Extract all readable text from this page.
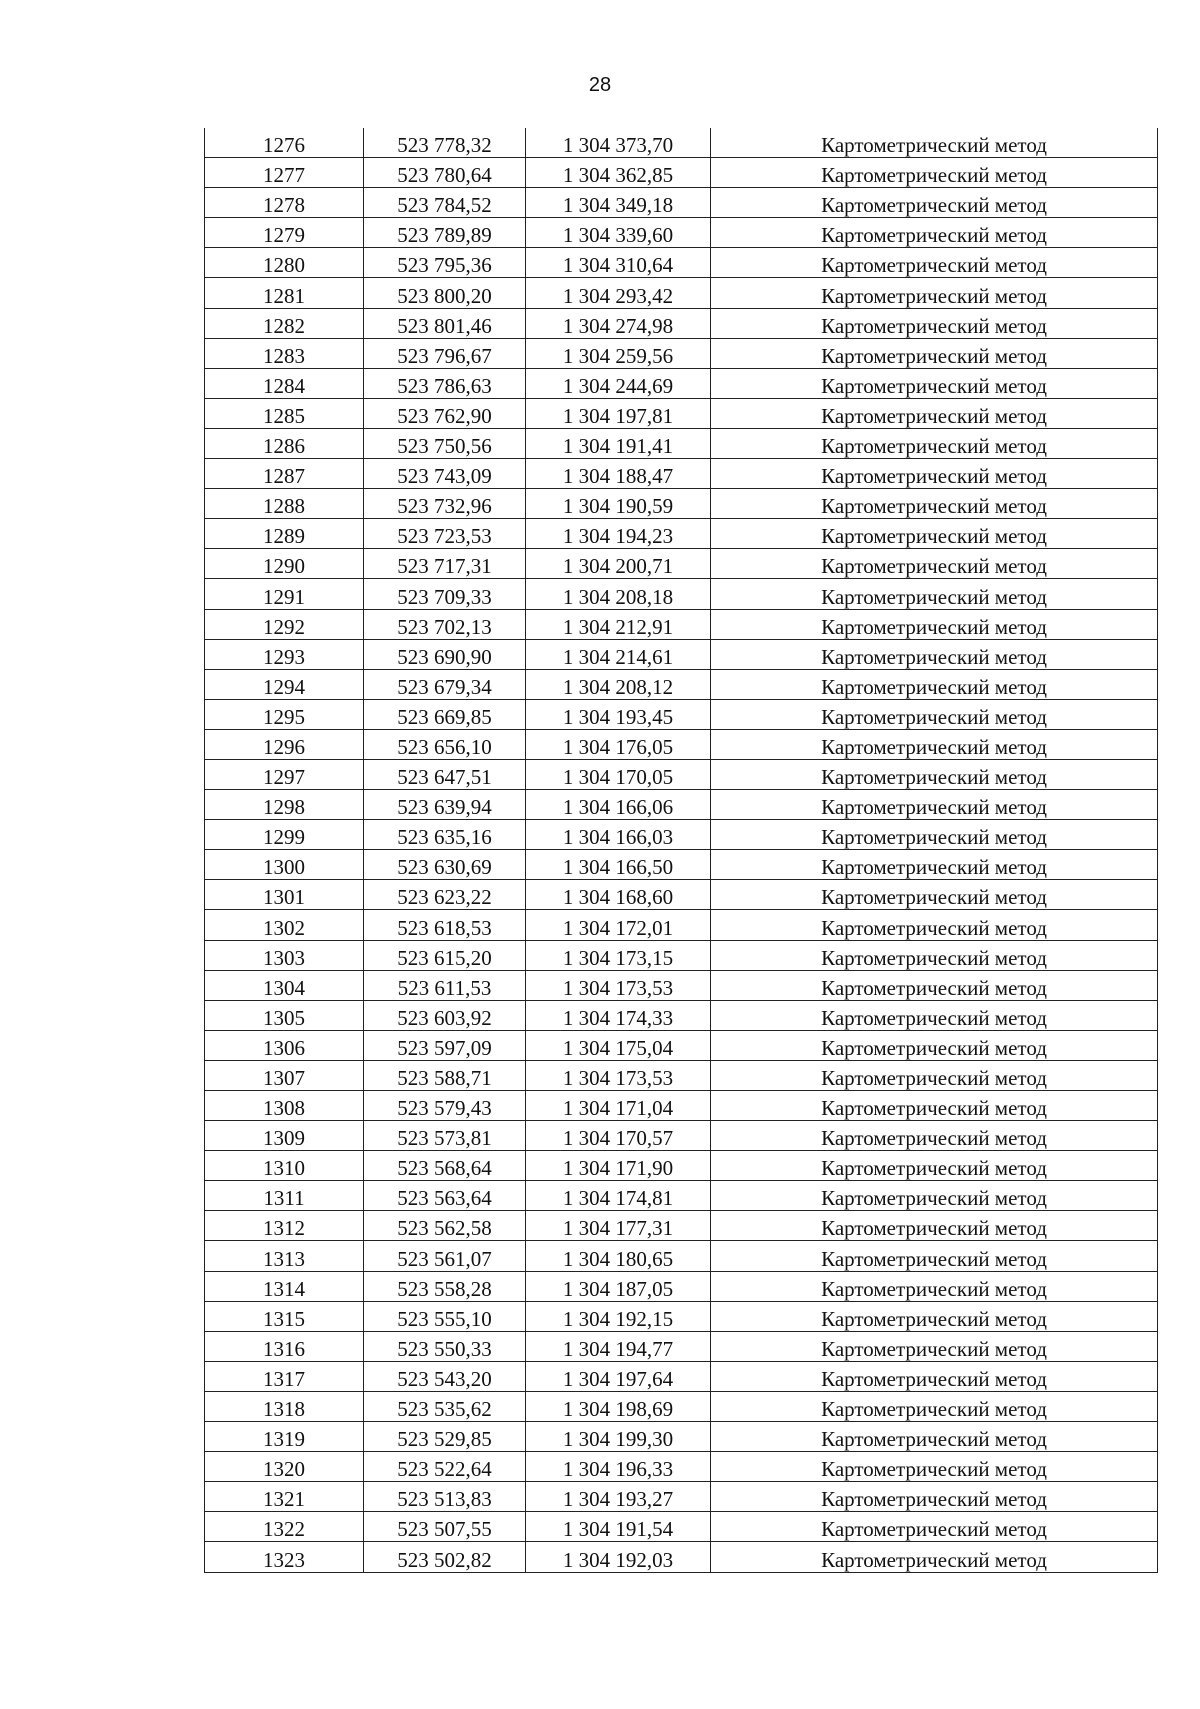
28
1276	523 778,32	1 304 373,70	Картометрический метод
1277	523 780,64	1 304 362,85	Картометрический метод
1278	523 784,52	1 304 349,18	Картометрический метод
1279	523 789,89	1 304 339,60	Картометрический метод
1280	523 795,36	1 304 310,64	Картометрический метод
1281	523 800,20	1 304 293,42	Картометрический метод
1282	523 801,46	1 304 274,98	Картометрический метод
1283	523 796,67	1 304 259,56	Картометрический метод
1284	523 786,63	1 304 244,69	Картометрический метод
1285	523 762,90	1 304 197,81	Картометрический метод
1286	523 750,56	1 304 191,41	Картометрический метод
1287	523 743,09	1 304 188,47	Картометрический метод
1288	523 732,96	1 304 190,59	Картометрический метод
1289	523 723,53	1 304 194,23	Картометрический метод
1290	523 717,31	1 304 200,71	Картометрический метод
1291	523 709,33	1 304 208,18	Картометрический метод
1292	523 702,13	1 304 212,91	Картометрический метод
1293	523 690,90	1 304 214,61	Картометрический метод
1294	523 679,34	1 304 208,12	Картометрический метод
1295	523 669,85	1 304 193,45	Картометрический метод
1296	523 656,10	1 304 176,05	Картометрический метод
1297	523 647,51	1 304 170,05	Картометрический метод
1298	523 639,94	1 304 166,06	Картометрический метод
1299	523 635,16	1 304 166,03	Картометрический метод
1300	523 630,69	1 304 166,50	Картометрический метод
1301	523 623,22	1 304 168,60	Картометрический метод
1302	523 618,53	1 304 172,01	Картометрический метод
1303	523 615,20	1 304 173,15	Картометрический метод
1304	523 611,53	1 304 173,53	Картометрический метод
1305	523 603,92	1 304 174,33	Картометрический метод
1306	523 597,09	1 304 175,04	Картометрический метод
1307	523 588,71	1 304 173,53	Картометрический метод
1308	523 579,43	1 304 171,04	Картометрический метод
1309	523 573,81	1 304 170,57	Картометрический метод
1310	523 568,64	1 304 171,90	Картометрический метод
1311	523 563,64	1 304 174,81	Картометрический метод
1312	523 562,58	1 304 177,31	Картометрический метод
1313	523 561,07	1 304 180,65	Картометрический метод
1314	523 558,28	1 304 187,05	Картометрический метод
1315	523 555,10	1 304 192,15	Картометрический метод
1316	523 550,33	1 304 194,77	Картометрический метод
1317	523 543,20	1 304 197,64	Картометрический метод
1318	523 535,62	1 304 198,69	Картометрический метод
1319	523 529,85	1 304 199,30	Картометрический метод
1320	523 522,64	1 304 196,33	Картометрический метод
1321	523 513,83	1 304 193,27	Картометрический метод
1322	523 507,55	1 304 191,54	Картометрический метод
1323	523 502,82	1 304 192,03	Картометрический метод
